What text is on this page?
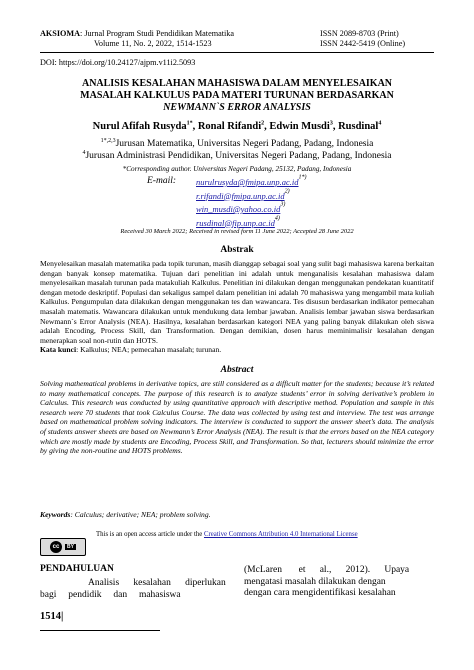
AKSIOMA: Jurnal Program Studi Pendidikan Matematika
Volume 11, No. 2, 2022, 1514-1523
ISSN 2089-8703 (Print)
ISSN 2442-5419 (Online)
DOI: https://doi.org/10.24127/ajpm.v11i2.5093
ANALISIS KESALAHAN MAHASISWA DALAM MENYELESAIKAN
MASALAH KALKULUS PADA MATERI TURUNAN BERDASARKAN
NEWMANN`S ERROR ANALYSIS
Nurul Afifah Rusyda$^{1*}$, Ronal Rifandi$^2$, Edwin Musdi$^3$, Rusdinal$^4$
$^{1*,2,3}$Jurusan Matematika, Universitas Negeri Padang, Padang, Indonesia
$^4$Jurusan Administrasi Pendidikan, Universitas Negeri Padang, Padang, Indonesia
*Corresponding author. Universitas Negeri Padang, 25132, Padang, Indonesia
E-mail: $nurulrusyda@fmipa.unp.ac.id^{1*)}$
$r.rifandi@fmipa.unp.ac.id^{2)}$
$win\_musdi@yahoo.co.id^{3)}$
$rusdinal@fip.unp.ac.id^{4)}$
Received 30 March 2022; Received in revised form 11 June 2022; Accepted 28 June 2022
Abstrak
Menyelesaikan masalah matematika pada topik turunan, masih dianggap sebagai soal yang sulit bagi mahasiswa karena berkaitan dengan banyak konsep matematika. Tujuan dari penelitian ini adalah untuk menganalisis kesalahan mahasiswa dalam menyelesaikan masalah turunan pada matakuliah Kalkulus. Penelitian ini dilakukan dengan menggunakan pendekatan kuantitatif dengan metode deskriptif. Populasi dan sekaligus sampel dalam penelitian ini adalah 70 mahasiswa yang mengambil mata kuliah Kalkulus. Pengumpulan data dilakukan dengan menggunakan tes dan wawancara. Tes disusun berdasarkan indikator pemecahan masalah matematis. Wawancara dilakukan untuk mendukung data lembar jawaban. Analisis lembar jawaban siswa berdasarkan Newmann`s Error Analysis (NEA). Hasilnya, kesalahan berdasarkan kategori NEA yang paling banyak dilakukan oleh siswa adalah Encoding, Process Skill, dan Transformation. Dengan demikian, dosen harus meminimalisir kesalahan dengan menerapkan soal non-rutin dan HOTS.
Kata kunci: Kalkulus; NEA; pemecahan masalah; turunan.
Abstract
Solving mathematical problems in derivative topics, are still considered as a difficult matter for the students; because it’s related to many mathematical concepts. The purpose of this research is to analyze students’ error in solving derivative’s problem in Calculus. This research was conducted by using quantitative approach with descriptive method. Population and sample in this research were 70 students that took Calculus Course. The data was collected by using test and interview. The test was arrange based on mathematical problem solving indicators. The interview is conducted to support the answer sheet’s data. The analysis of students answer sheets are based on Newmann’s Error Analysis (NEA). The result is that the errors based on the NEA category which are mostly made by students are Encoding, Process Skill, and Transformation. So that, lecturers should minimize the error by giving the non-routine and HOTS problems.
Keywords: Calculus; derivative; NEA; problem solving.
cc	BY
This is an open access article under the Creative Commons Attribution 4.0 International License
PENDAHULUAN
Analisis      kesalahan      diperlukan
bagi     pendidik     dan     mahasiswa
(McLaren       et      al.,      2012).      Upaya
mengatasi masalah dilakukan dengan
dengan cara mengidentifikasi kesalahan
1514|
